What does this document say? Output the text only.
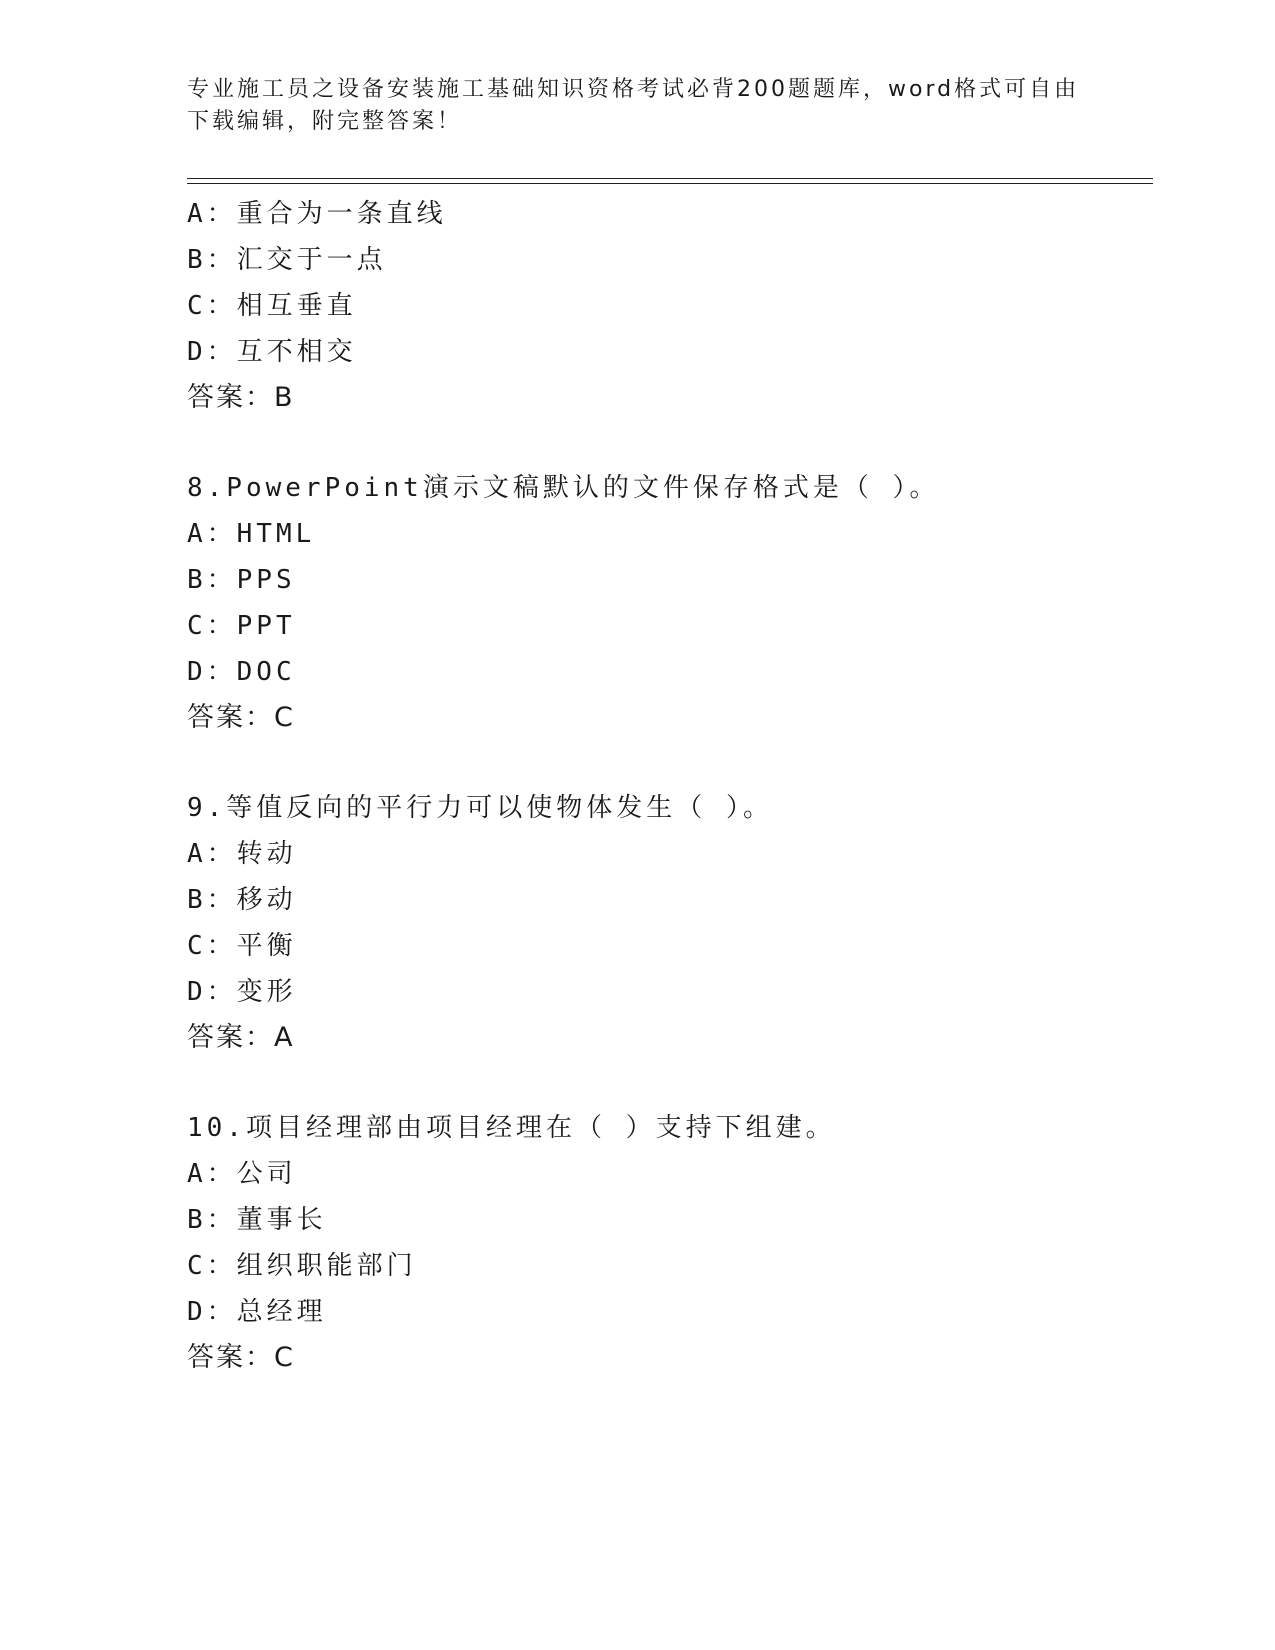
专业施工员之设备安装施工基础知识资格考试必背200题题库，word格式可自由
下载编辑，附完整答案！
A：重合为一条直线
B：汇交于一点
C：相互垂直
D：互不相交
答案：B
8.PowerPoint演示文稿默认的文件保存格式是（ ）。
A：HTML
B：PPS
C：PPT
D：DOC
答案：C
9.等值反向的平行力可以使物体发生（ ）。
A：转动
B：移动
C：平衡
D：变形
答案：A
10.项目经理部由项目经理在（ ）支持下组建。
A：公司
B：董事长
C：组织职能部门
D：总经理
答案：C
